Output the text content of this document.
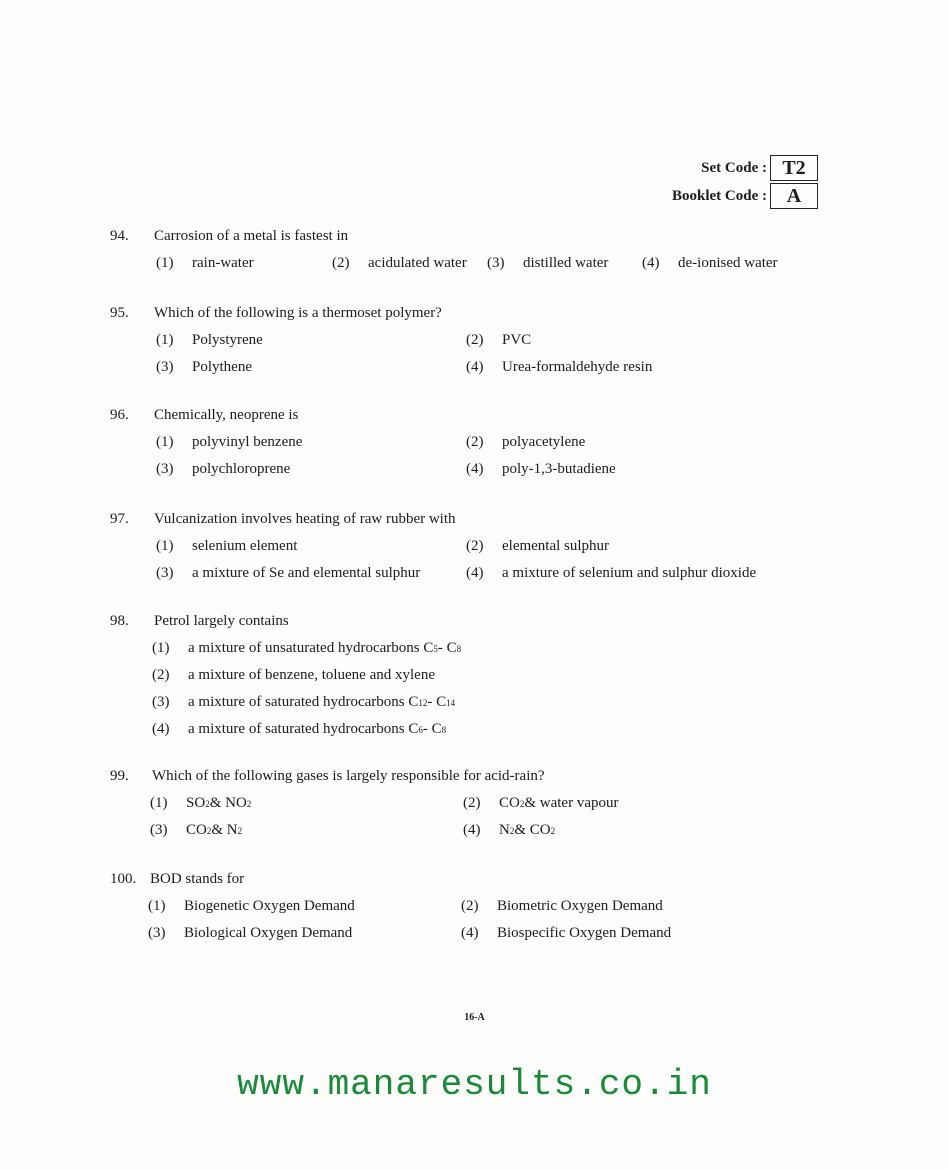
Set Code : T2
Booklet Code : A
94.	Carrosion of a metal is fastest in
(1)	rain-water	(2)	acidulated water (3)	distilled water (4)	de-ionised water
95.	Which of the following is a thermoset polymer?
(1)	Polystyrene	(2)	PVC
(3)	Polythene	(4)	Urea-formaldehyde resin
96.	Chemically, neoprene is
(1)	polyvinyl benzene	(2)	polyacetylene
(3)	polychloroprene	(4)	poly-1,3-butadiene
97.	Vulcanization involves heating of raw rubber with
(1)	selenium element	(2)	elemental sulphur
(3)	a mixture of Se and elemental sulphur	(4)	a mixture of selenium and sulphur dioxide
98.	Petrol largely contains
(1)	a mixture of unsaturated hydrocarbons C 5 - C 8
(2)	a mixture of benzene, toluene and xylene
(3)	a mixture of saturated hydrocarbons C 12 - C 14
(4)	a mixture of saturated hydrocarbons C 6 - C 8
99.	Which of the following gases is largely responsible for acid-rain?
(1)	SO 2 & NO 2	(2)	CO 2 & water vapour
(3)	CO 2 & N 2	(4)	N 2 & CO 2
100. BOD stands for
(1)	Biogenetic Oxygen Demand	(2)	Biometric Oxygen Demand
(3)	Biological Oxygen Demand	(4)	Biospecific Oxygen Demand
16-A
www.manaresults.co.in
